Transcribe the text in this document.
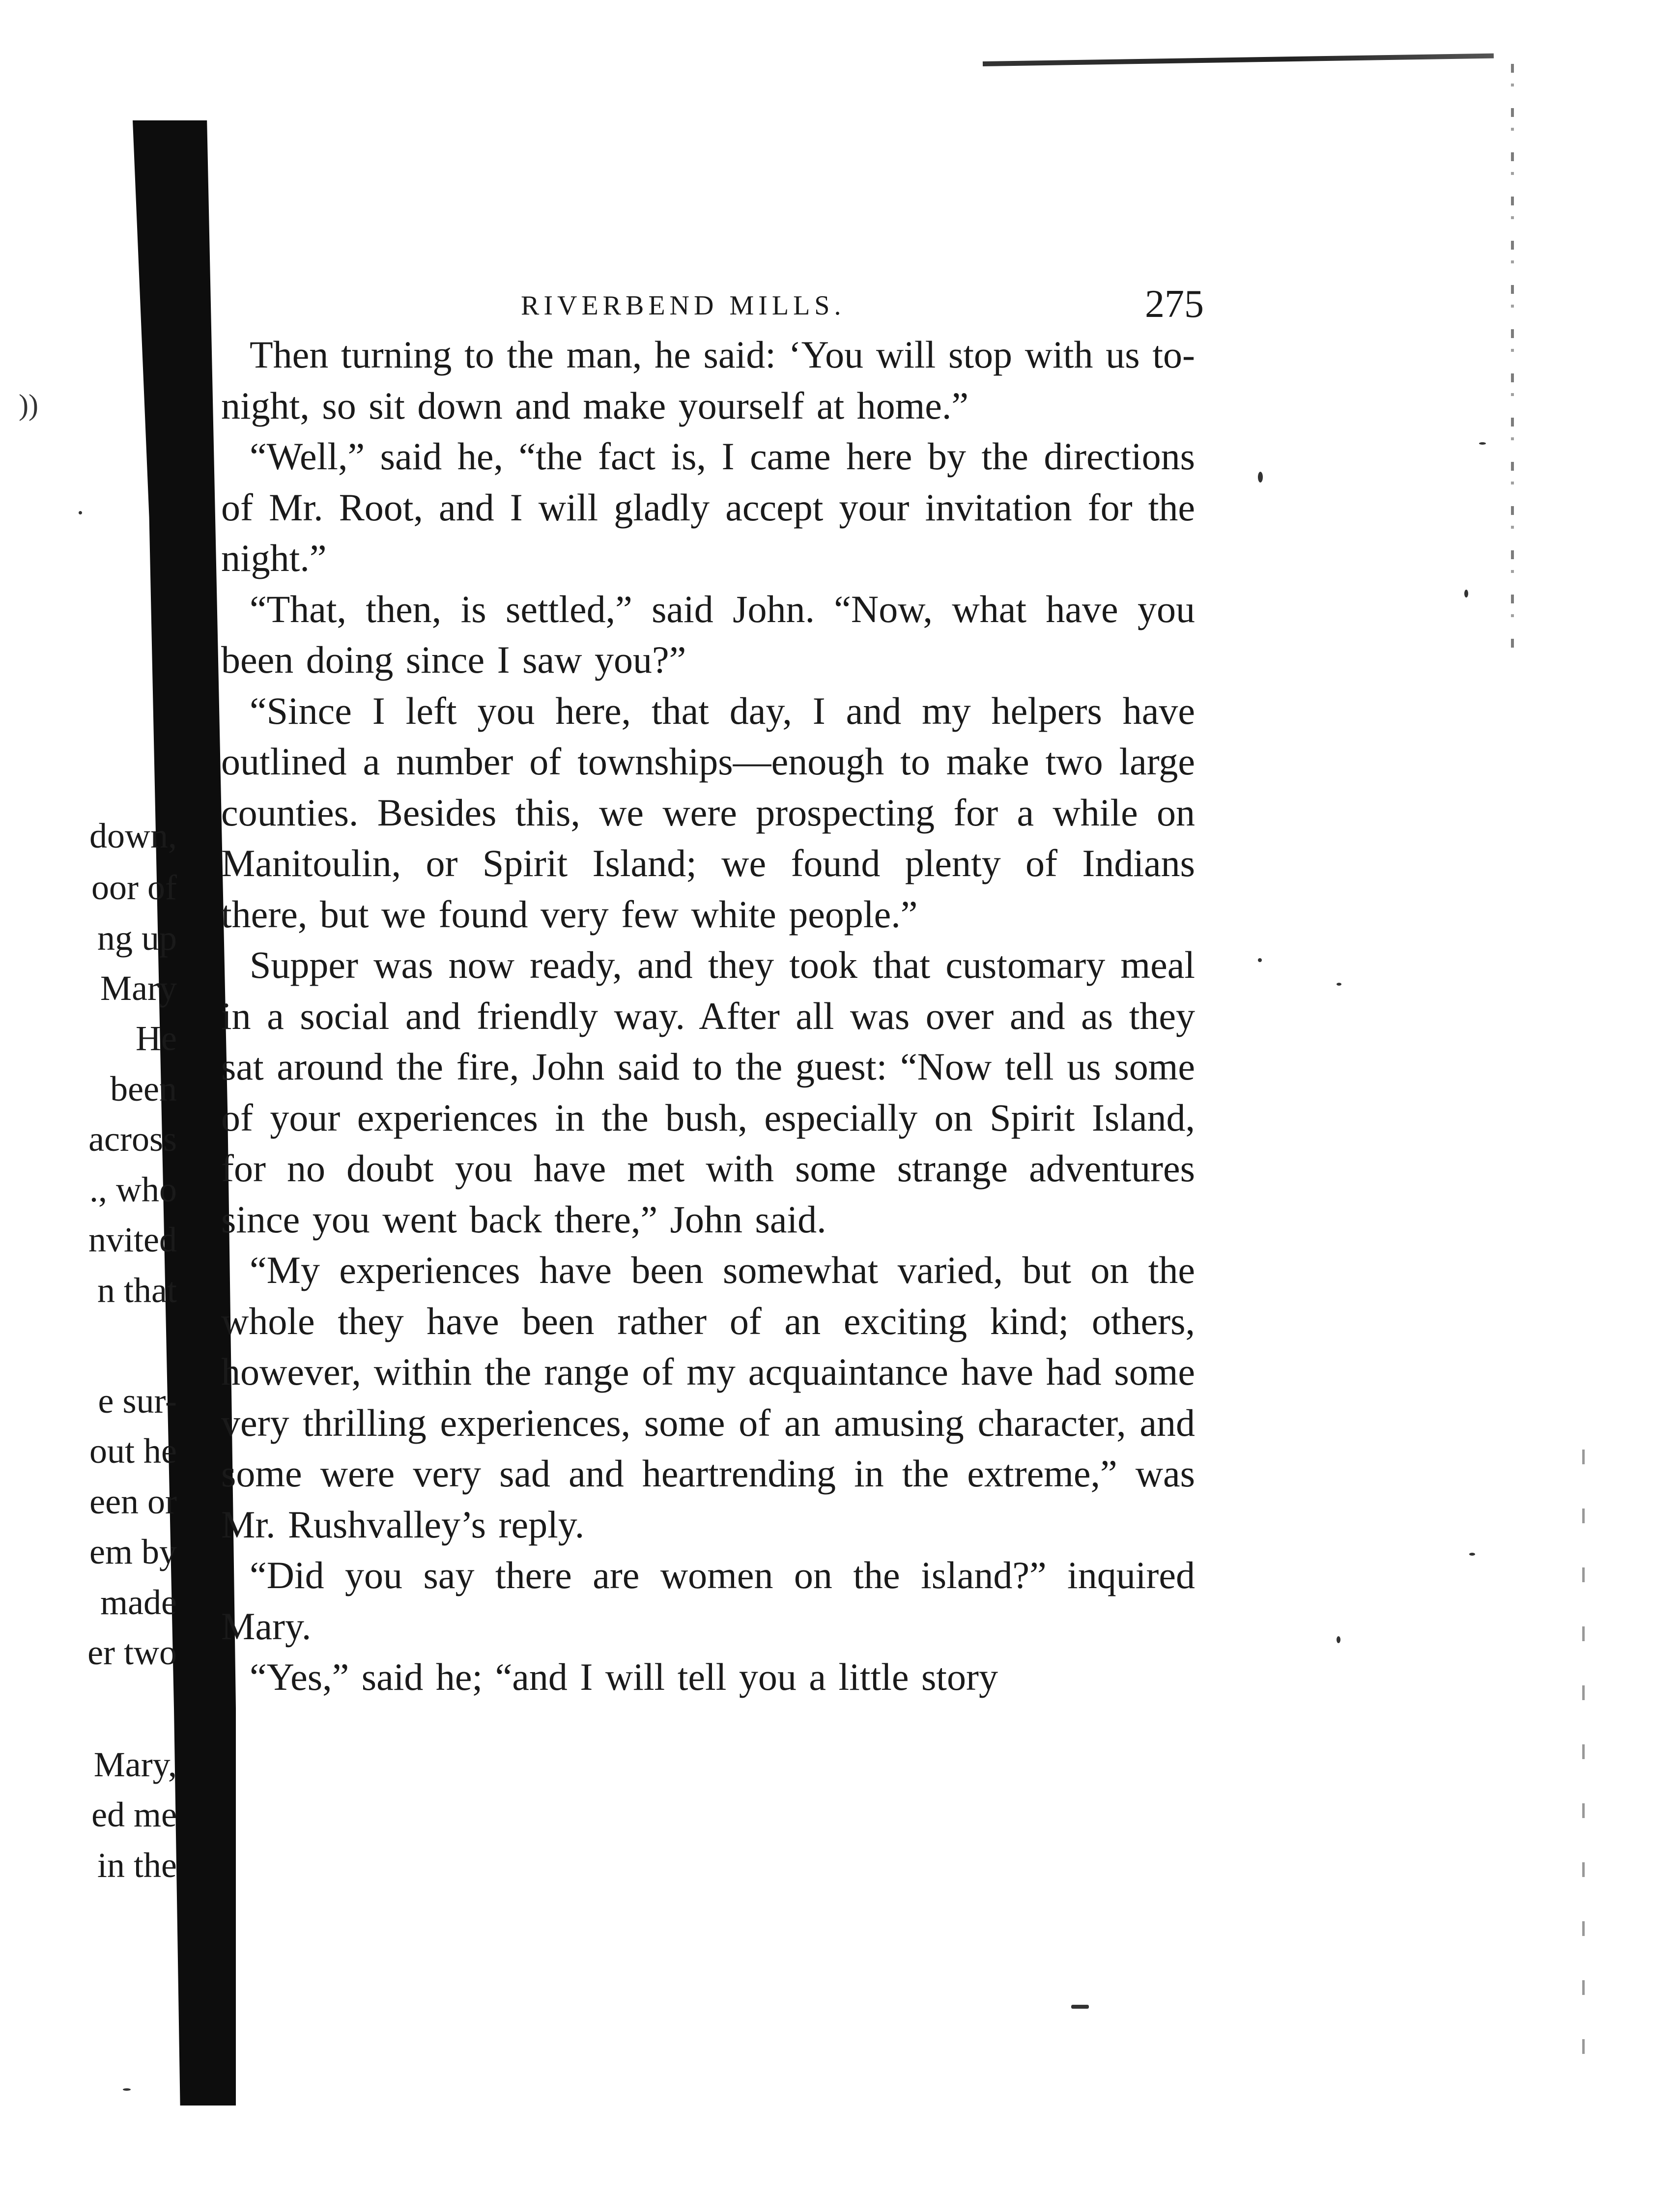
))
down,
oor of
ng up
Mary
He
been
across
., who
nvited
n that
e sur-
out he
een or
em by
made
er two
Mary,
ed me
in the
RIVERBEND MILLS.	275

Then turning to the man, he said: ‘You will stop with us to-night, so sit down and make yourself at home.”

“Well,” said he, “the fact is, I came here by the directions of Mr. Root, and I will gladly accept your invitation for the night.”

“That, then, is settled,” said John. “Now, what have you been doing since I saw you?”

“Since I left you here, that day, I and my helpers have outlined a number of townships—enough to make two large counties. Besides this, we were prospecting for a while on Manitoulin, or Spirit Island; we found plenty of Indians there, but we found very few white people.”

Supper was now ready, and they took that customary meal in a social and friendly way. After all was over and as they sat around the fire, John said to the guest: “Now tell us some of your experiences in the bush, especially on Spirit Island, for no doubt you have met with some strange adventures since you went back there,” John said.

“My experiences have been somewhat varied, but on the whole they have been rather of an exciting kind; others, however, within the range of my acquaintance have had some very thrilling experiences, some of an amusing character, and some were very sad and heartrending in the extreme,” was Mr. Rushvalley’s reply.

“Did you say there are women on the island?” inquired Mary.

“Yes,” said he; “and I will tell you a little story
